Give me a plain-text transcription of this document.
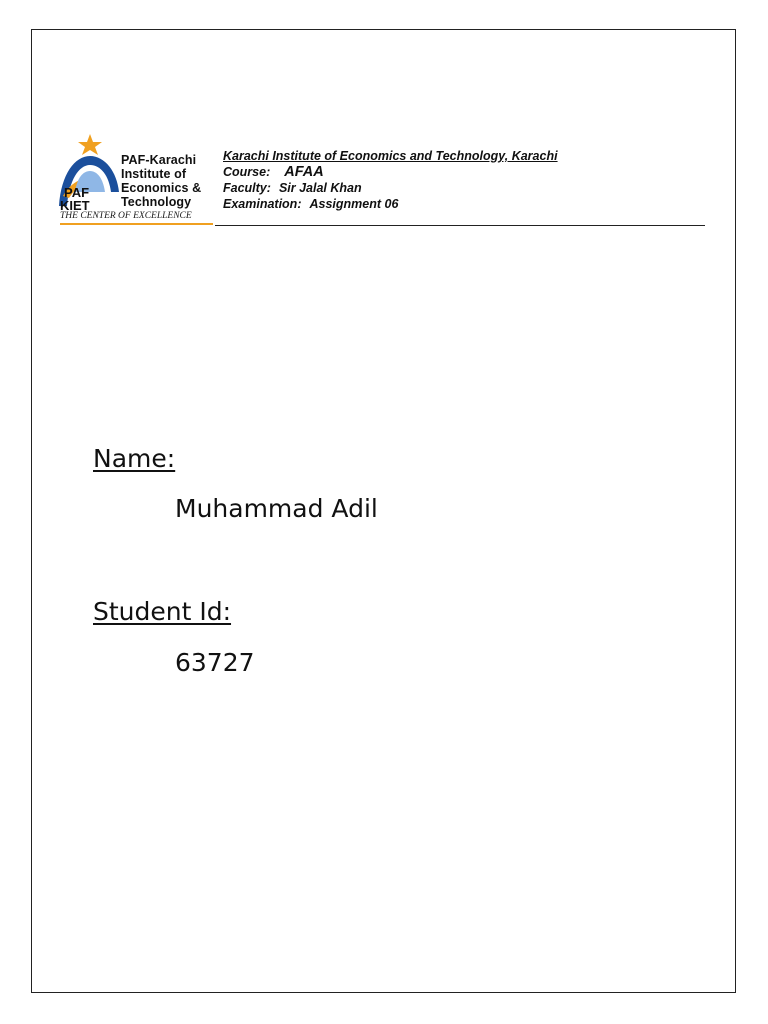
PAF-Karachi
Institute of
Economics &
Technology
PAF
KIET
THE CENTER OF EXCELLENCE
Karachi Institute of Economics and Technology, Karachi
Course: AFAA
Faculty: Sir Jalal Khan
Examination: Assignment 06
Name:
Muhammad Adil
Student Id:
63727
